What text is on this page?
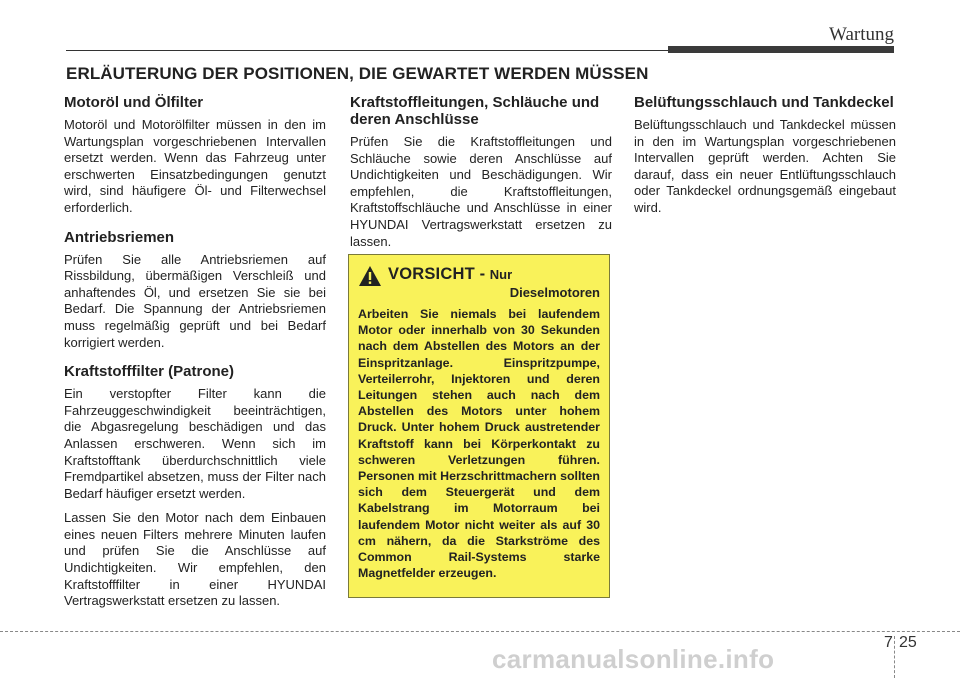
Wartung
ERLÄUTERUNG DER POSITIONEN, DIE GEWARTET WERDEN MÜSSEN
Motoröl und Ölfilter

Motoröl und Motorölfilter müssen in den im Wartungsplan vorgeschriebenen Intervallen ersetzt werden. Wenn das Fahrzeug unter erschwerten Einsatzbedingungen genutzt wird, sind häufigere Öl- und Filterwechsel erforderlich.

Antriebsriemen

Prüfen Sie alle Antriebsriemen auf Rissbildung, übermäßigen Verschleiß und anhaftendes Öl, und ersetzen Sie sie bei Bedarf. Die Spannung der Antriebsriemen muss regelmäßig geprüft und bei Bedarf korrigiert werden.

Kraftstofffilter (Patrone)

Ein verstopfter Filter kann die Fahrzeuggeschwindigkeit beeinträchtigen, die Abgasregelung beschädigen und das Anlassen erschweren. Wenn sich im Kraftstofftank überdurchschnittlich viele Fremdpartikel absetzen, muss der Filter nach Bedarf häufiger ersetzt werden.

Lassen Sie den Motor nach dem Einbauen eines neuen Filters mehrere Minuten laufen und prüfen Sie die Anschlüsse auf Undichtigkeiten. Wir empfehlen, den Kraftstofffilter in einer HYUNDAI Vertragswerkstatt ersetzen zu lassen.

Kraftstoffleitungen, Schläuche und deren Anschlüsse

Prüfen Sie die Kraftstoffleitungen und Schläuche sowie deren Anschlüsse auf Undichtigkeiten und Beschädigungen. Wir empfehlen, die Kraftstoffleitungen, Kraftstoffschläuche und Anschlüsse in einer HYUNDAI Vertragswerkstatt ersetzen zu lassen.

VORSICHT - Nur
Dieselmotoren

Arbeiten Sie niemals bei laufendem Motor oder innerhalb von 30 Sekunden nach dem Abstellen des Motors an der Einspritzanlage. Einspritzpumpe, Verteilerrohr, Injektoren und deren Leitungen stehen auch nach dem Abstellen des Motors unter hohem Druck. Unter hohem Druck austretender Kraftstoff kann bei Körperkontakt zu schweren Verletzungen führen. Personen mit Herzschrittmachern sollten sich dem Steuergerät und dem Kabelstrang im Motorraum bei laufendem Motor nicht weiter als auf 30 cm nähern, da die Starkströme des Common Rail-Systems starke Magnetfelder erzeugen.

Belüftungsschlauch und Tankdeckel

Belüftungsschlauch und Tankdeckel müssen in den im Wartungsplan vorgeschriebenen Intervallen geprüft werden. Achten Sie darauf, dass ein neuer Entlüftungsschlauch oder Tankdeckel ordnungsgemäß eingebaut wird.

7 25
carmanualsonline.info
